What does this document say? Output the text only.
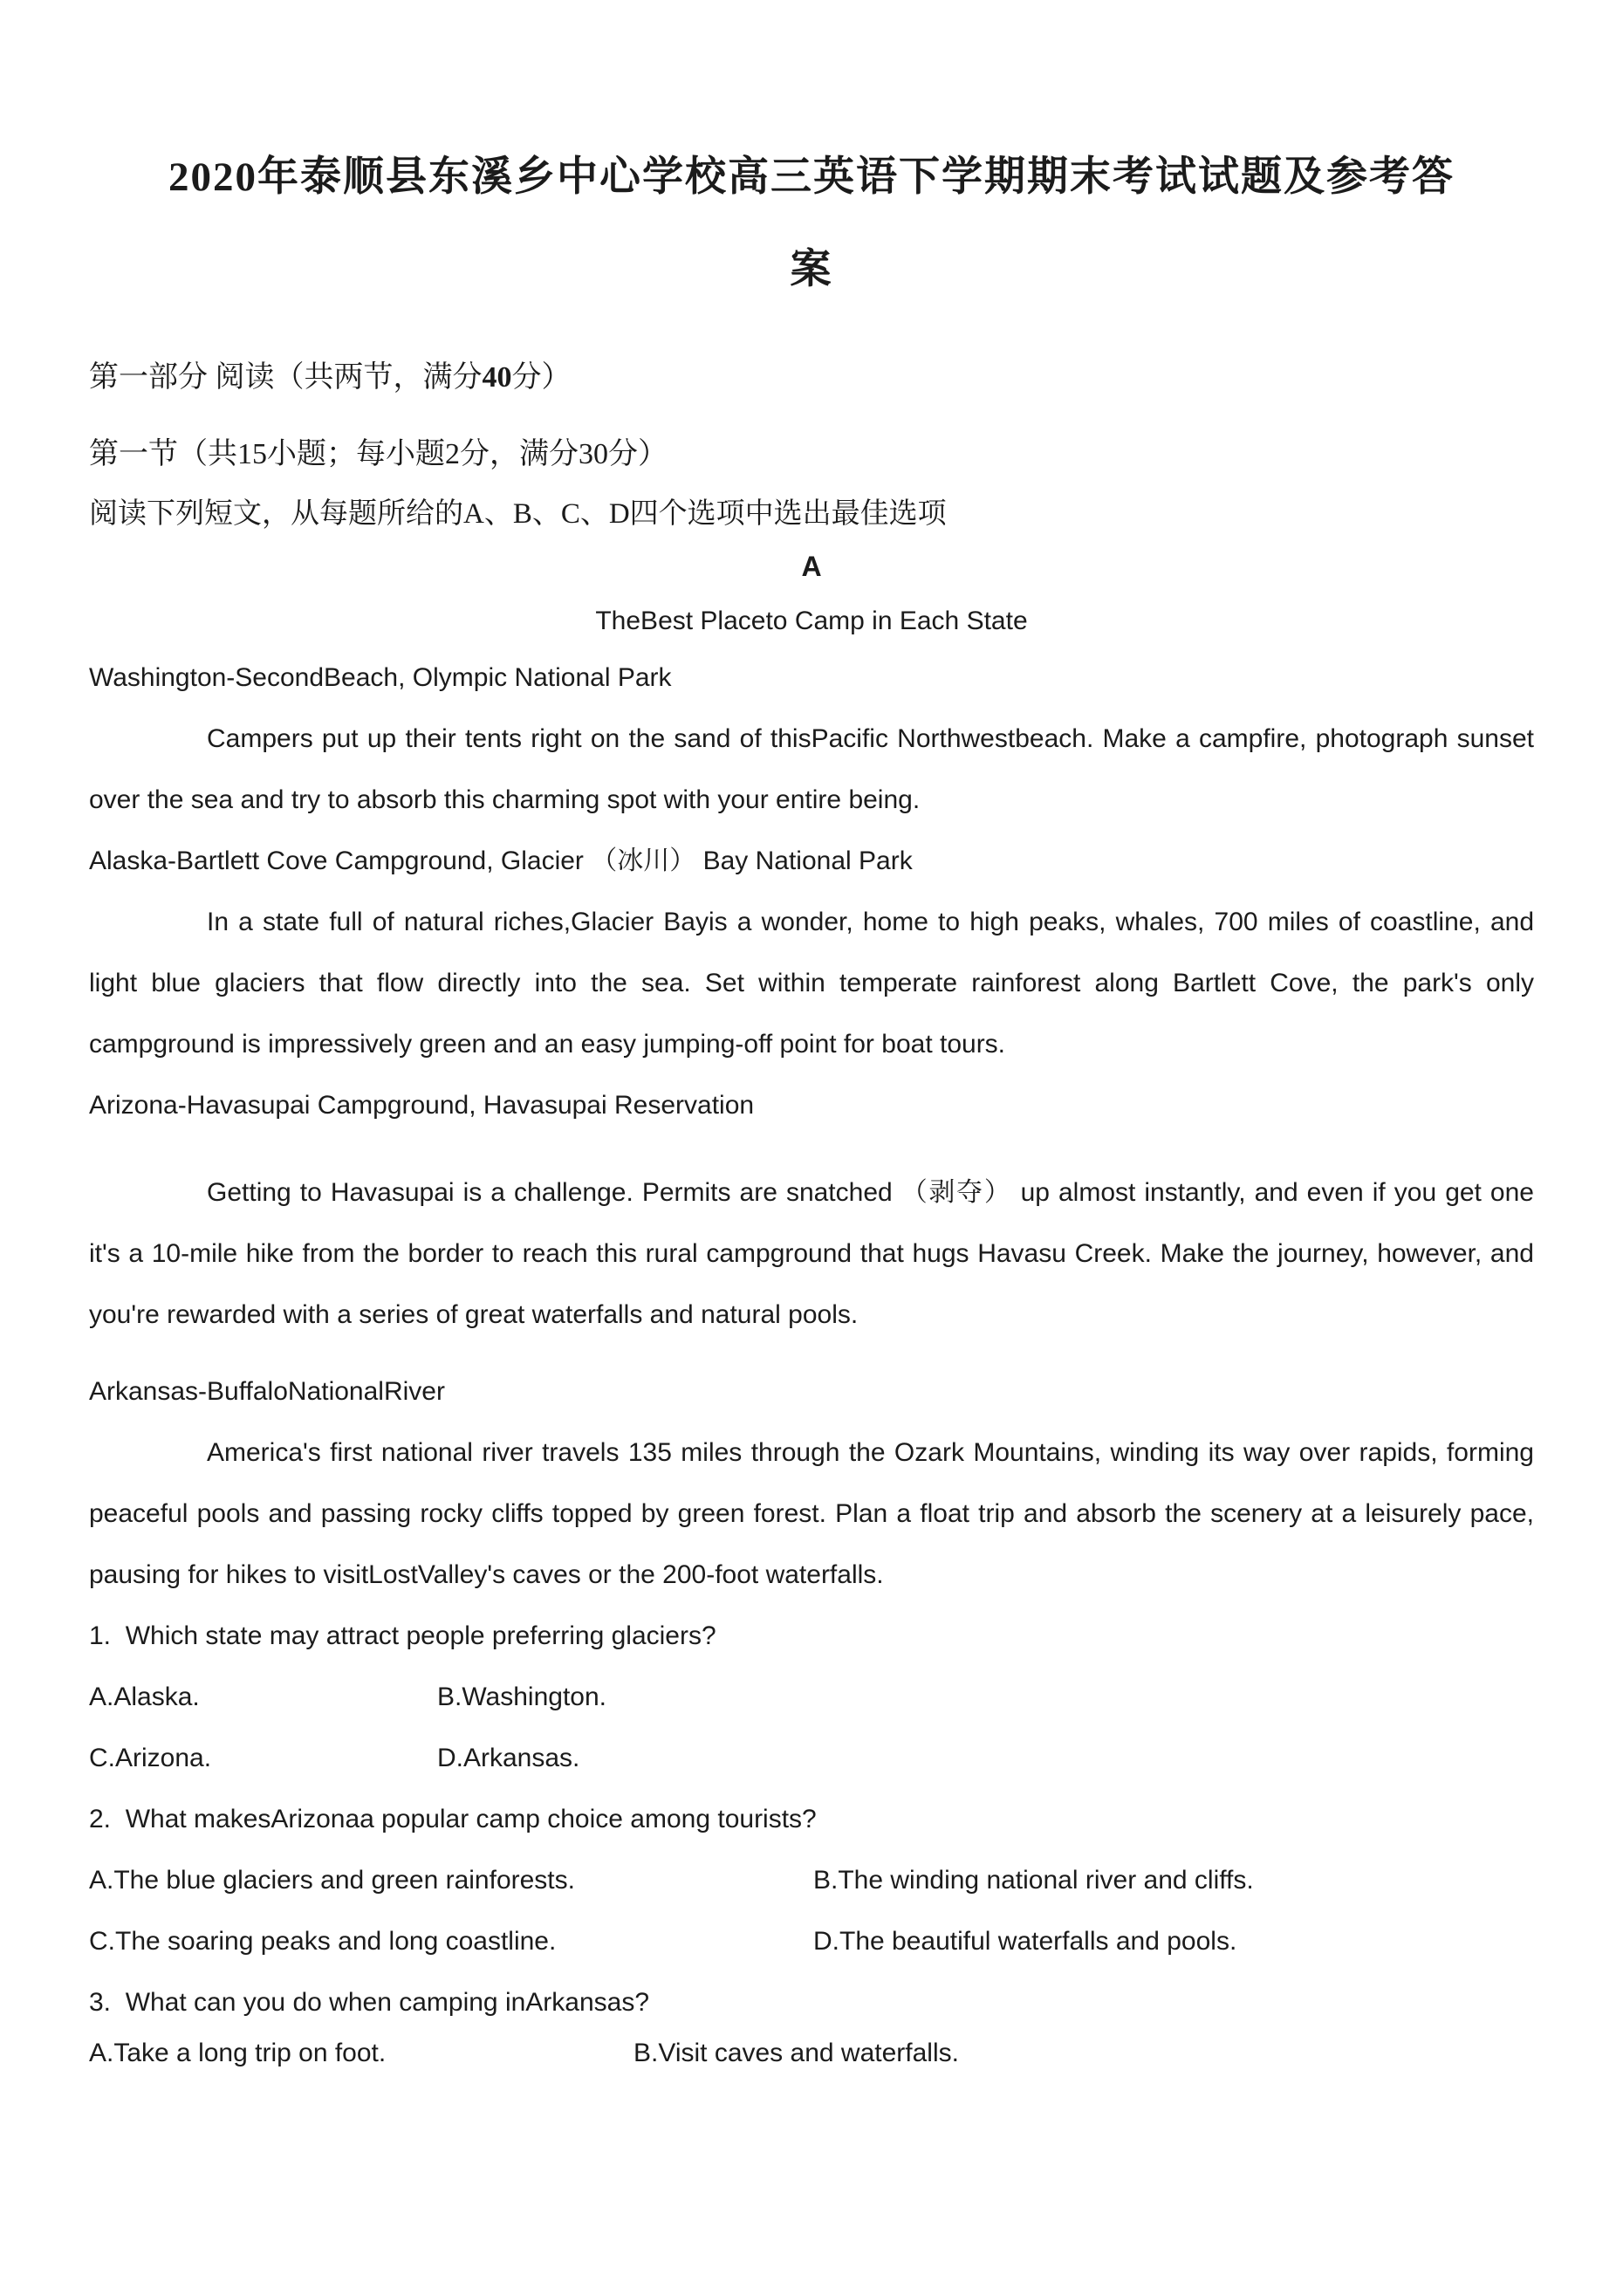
2020年泰顺县东溪乡中心学校高三英语下学期期末考试试题及参考答
案
第一部分 阅读（共两节，满分40分）
第一节（共15小题；每小题2分，满分30分）
阅读下列短文，从每题所给的A、B、C、D四个选项中选出最佳选项
A
TheBest Placeto Camp in Each State
Washington-SecondBeach, Olympic National Park
Campers put up their tents right on the sand of thisPacific Northwestbeach. Make a campfire, photograph sunset over the sea and try to absorb this charming spot with your entire being.
Alaska-Bartlett Cove Campground, Glacier （冰川） Bay National Park
In a state full of natural riches,Glacier Bayis a wonder, home to high peaks, whales, 700 miles of coastline, and light blue glaciers that flow directly into the sea. Set within temperate rainforest along Bartlett Cove, the park's only campground is impressively green and an easy jumping-off point for boat tours.
Arizona-Havasupai Campground, Havasupai Reservation
Getting to Havasupai is a challenge. Permits are snatched （剥夺） up almost instantly, and even if you get one it's a 10-mile hike from the border to reach this rural campground that hugs Havasu Creek. Make the journey, however, and you're rewarded with a series of great waterfalls and natural pools.
Arkansas-BuffaloNationalRiver
America's first national river travels 135 miles through the Ozark Mountains, winding its way over rapids, forming peaceful pools and passing rocky cliffs topped by green forest. Plan a float trip and absorb the scenery at a leisurely pace, pausing for hikes to visitLostValley's caves or the 200-foot waterfalls.
1.  Which state may attract people preferring glaciers?
A.Alaska.	B.Washington.
C.Arizona.	D.Arkansas.
2.  What makesArizonaa popular camp choice among tourists?
A.The blue glaciers and green rainforests.	B.The winding national river and cliffs.
C.The soaring peaks and long coastline.	D.The beautiful waterfalls and pools.
3.  What can you do when camping inArkansas?
A.Take a long trip on foot.	B.Visit caves and waterfalls.
